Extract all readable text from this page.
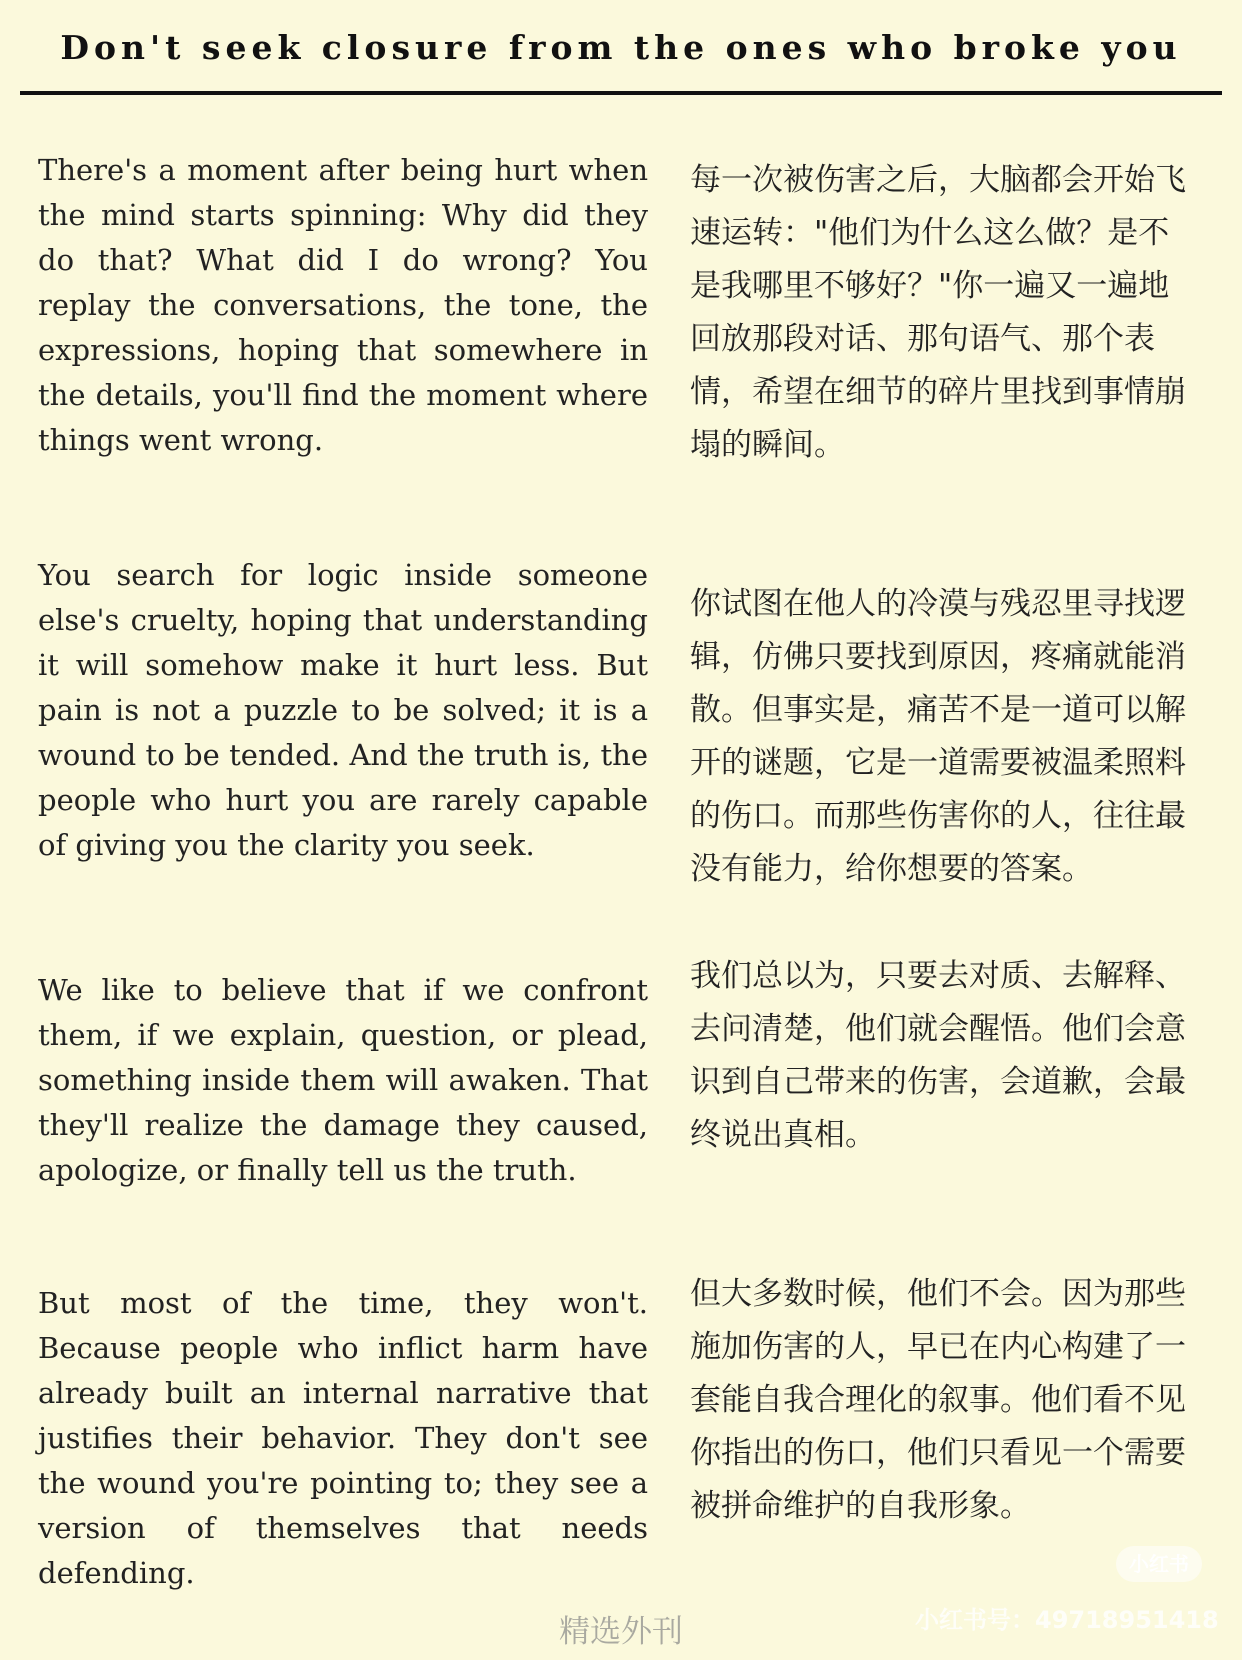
Don't seek closure from the ones who broke you
There's a moment after being hurt when the mind starts spinning: Why did they do that? What did I do wrong? You replay the conversations, the tone, the expressions, hoping that somewhere in the details, you'll find the moment where things went wrong.
每一次被伤害之后，大脑都会开始飞速运转："他们为什么这么做？是不是我哪里不够好？"你一遍又一遍地回放那段对话、那句语气、那个表情，希望在细节的碎片里找到事情崩塌的瞬间。
You search for logic inside someone else's cruelty, hoping that understanding it will somehow make it hurt less. But pain is not a puzzle to be solved; it is a wound to be tended. And the truth is, the people who hurt you are rarely capable of giving you the clarity you seek.
你试图在他人的冷漠与残忍里寻找逻辑，仿佛只要找到原因，疼痛就能消散。但事实是，痛苦不是一道可以解开的谜题，它是一道需要被温柔照料的伤口。而那些伤害你的人，往往最没有能力，给你想要的答案。
We like to believe that if we confront them, if we explain, question, or plead, something inside them will awaken. That they'll realize the damage they caused, apologize, or finally tell us the truth.
我们总以为，只要去对质、去解释、去问清楚，他们就会醒悟。他们会意识到自己带来的伤害，会道歉，会最终说出真相。
But most of the time, they won't. Because people who inflict harm have already built an internal narrative that justifies their behavior. They don't see the wound you're pointing to; they see a version of themselves that needs defending.
但大多数时候，他们不会。因为那些施加伤害的人，早已在内心构建了一套能自我合理化的叙事。他们看不见你指出的伤口，他们只看见一个需要被拼命维护的自我形象。
精选外刊
小红书
小红书号：49718951418
